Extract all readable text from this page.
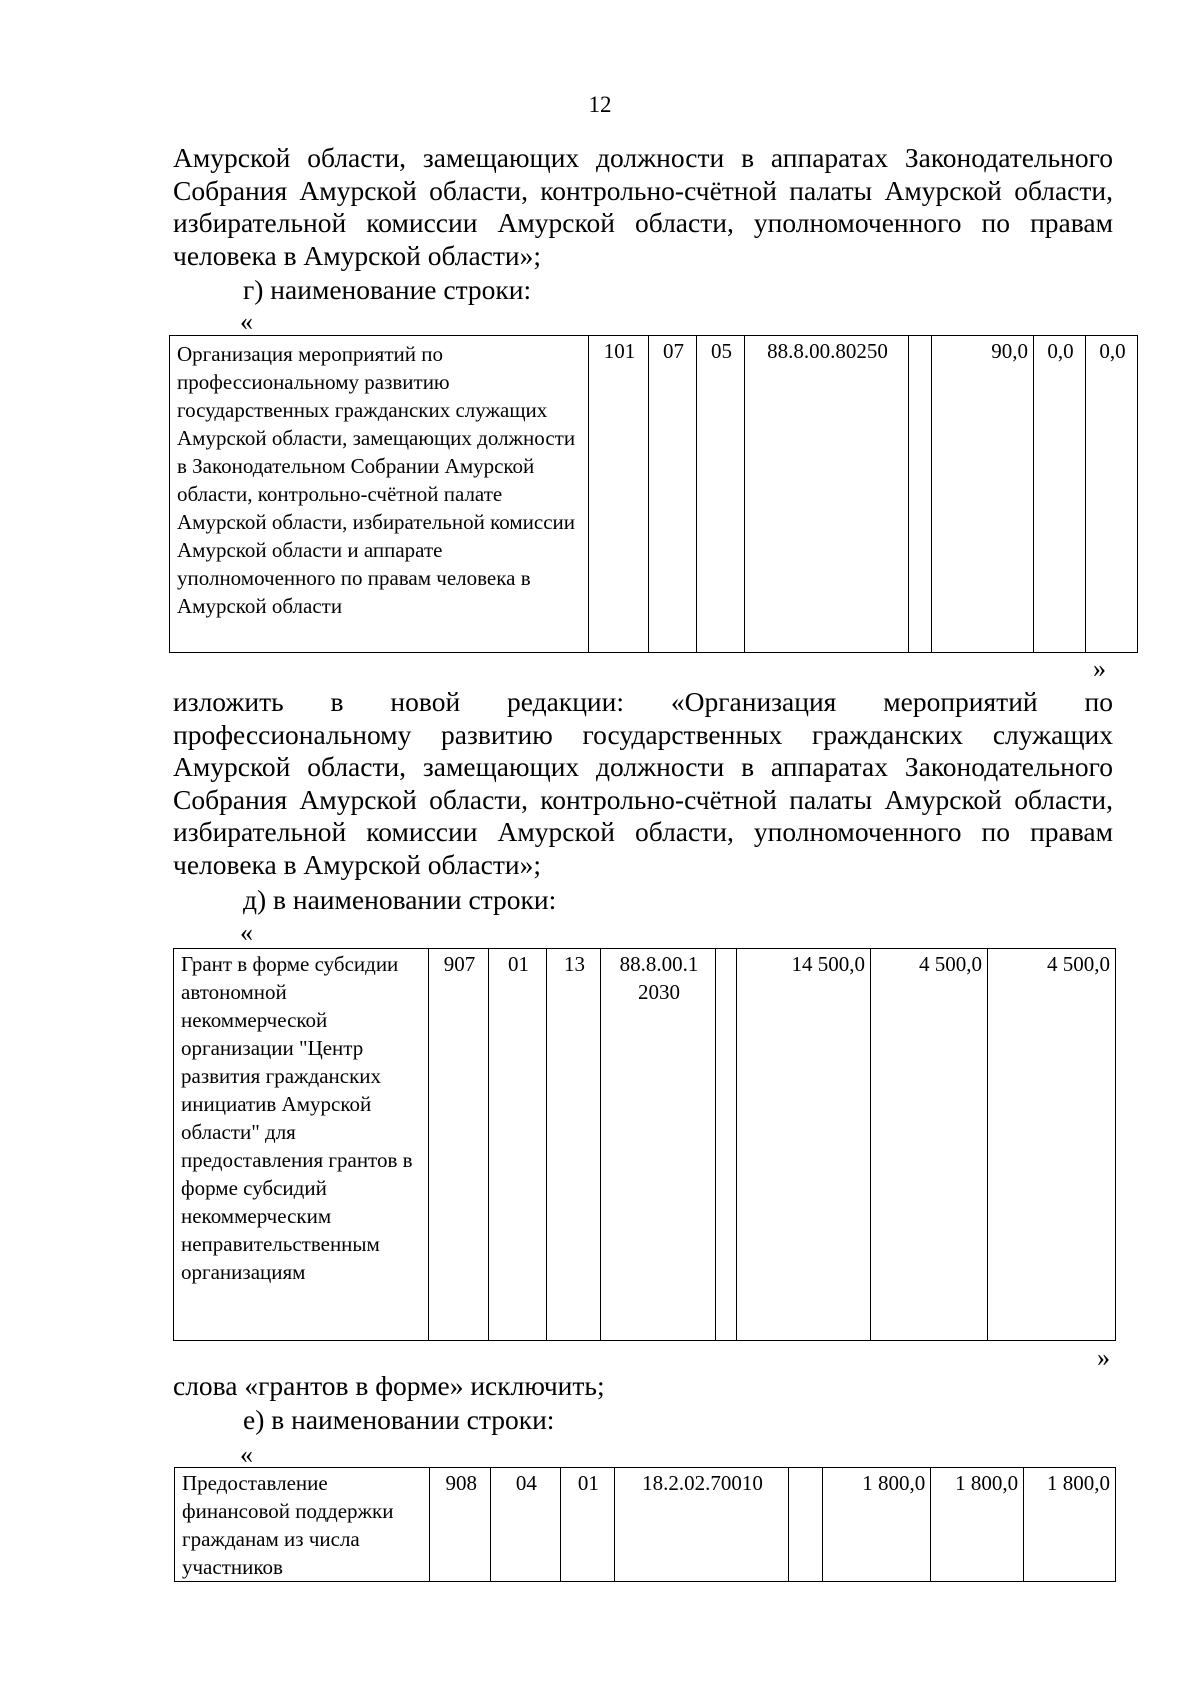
12
Амурской области, замещающих должности в аппаратах Законодательного Собрания Амурской области, контрольно-счётной палаты Амурской области, избирательной комиссии Амурской области, уполномоченного по правам человека в Амурской области»;
г) наименование строки:
«
Организация мероприятий по профессиональному развитию государственных гражданских служащих Амурской области, замещающих должности в Законодательном Собрании Амурской области, контрольно-счётной палате Амурской области, избирательной комиссии Амурской области и аппарате уполномоченного по правам человека в Амурской области	101	07	05	88.8.00.80250		90,0	0,0	0,0
»
изложить в новой редакции: «Организация мероприятий по профессиональному развитию государственных гражданских служащих Амурской области, замещающих должности в аппаратах Законодательного Собрания Амурской области, контрольно-счётной палаты Амурской области, избирательной комиссии Амурской области, уполномоченного по правам человека в Амурской области»;
д) в наименовании строки:
«
Грант в форме субсидии автономной некоммерческой организации "Центр развития гражданских инициатив Амурской области" для предоставления грантов в форме субсидий некоммерческим неправительственным организациям	907	01	13	88.8.00.1 2030		14 500,0	4 500,0	4 500,0
»
слова «грантов в форме» исключить;
е) в наименовании строки:
«
Предоставление финансовой поддержки гражданам из числа участников	908	04	01	18.2.02.70010		1 800,0	1 800,0	1 800,0
